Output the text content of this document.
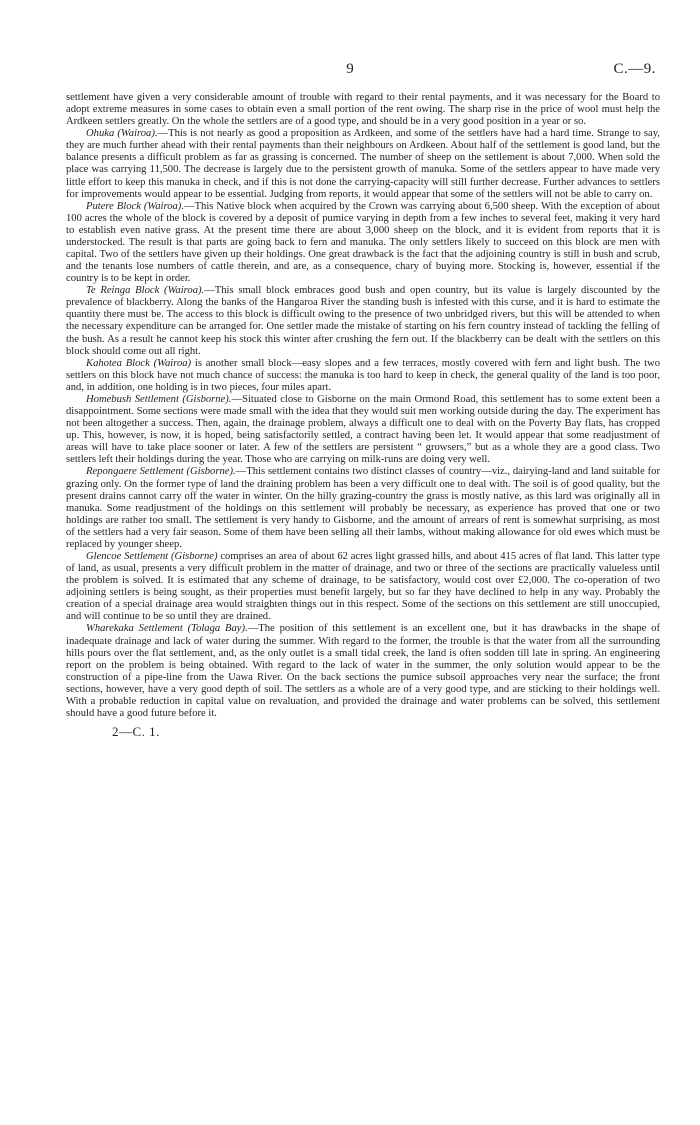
9	C.—9.

settlement have given a very considerable amount of trouble with regard to their rental payments, and it was necessary for the Board to adopt extreme measures in some cases to obtain even a small portion of the rent owing. The sharp rise in the price of wool must help the Ardkeen settlers greatly. On the whole the settlers are of a good type, and should be in a very good position in a year or so.

Ohuka (Wairoa).—This is not nearly as good a proposition as Ardkeen, and some of the settlers have had a hard time. Strange to say, they are much further ahead with their rental payments than their neighbours on Ardkeen. About half of the settlement is good land, but the balance presents a difficult problem as far as grassing is concerned. The number of sheep on the settlement is about 7,000. When sold the place was carrying 11,500. The decrease is largely due to the persistent growth of manuka. Some of the settlers appear to have made very little effort to keep this manuka in check, and if this is not done the carrying-capacity will still further decrease. Further advances to settlers for improvements would appear to be essential. Judging from reports, it would appear that some of the settlers will not be able to carry on.

Putere Block (Wairoa).—This Native block when acquired by the Crown was carrying about 6,500 sheep. With the exception of about 100 acres the whole of the block is covered by a deposit of pumice varying in depth from a few inches to several feet, making it very hard to establish even native grass. At the present time there are about 3,000 sheep on the block, and it is evident from reports that it is understocked. The result is that parts are going back to fern and manuka. The only settlers likely to succeed on this block are men with capital. Two of the settlers have given up their holdings. One great drawback is the fact that the adjoining country is still in bush and scrub, and the tenants lose numbers of cattle therein, and are, as a consequence, chary of buying more. Stocking is, however, essential if the country is to be kept in order.

Te Reinga Block (Wairoa).—This small block embraces good bush and open country, but its value is largely discounted by the prevalence of blackberry. Along the banks of the Hangaroa River the standing bush is infested with this curse, and it is hard to estimate the quantity there must be. The access to this block is difficult owing to the presence of two unbridged rivers, but this will be attended to when the necessary expenditure can be arranged for. One settler made the mistake of starting on his fern country instead of tackling the felling of the bush. As a result he cannot keep his stock this winter after crushing the fern out. If the blackberry can be dealt with the settlers on this block should come out all right.

Kahotea Block (Wairoa) is another small block—easy slopes and a few terraces, mostly covered with fern and light bush. The two settlers on this block have not much chance of success: the manuka is too hard to keep in check, the general quality of the land is too poor, and, in addition, one holding is in two pieces, four miles apart.

Homebush Settlement (Gisborne).—Situated close to Gisborne on the main Ormond Road, this settlement has to some extent been a disappointment. Some sections were made small with the idea that they would suit men working outside during the day. The experiment has not been altogether a success. Then, again, the drainage problem, always a difficult one to deal with on the Poverty Bay flats, has cropped up. This, however, is now, it is hoped, being satisfactorily settled, a contract having been let. It would appear that some readjustment of areas will have to take place sooner or later. A few of the settlers are persistent “ growsers,” but as a whole they are a good class. Two settlers left their holdings during the year. Those who are carrying on milk-runs are doing very well.

Repongaere Settlement (Gisborne).—This settlement contains two distinct classes of country—viz., dairying-land and land suitable for grazing only. On the former type of land the draining problem has been a very difficult one to deal with. The soil is of good quality, but the present drains cannot carry off the water in winter. On the hilly grazing-country the grass is mostly native, as this lard was originally all in manuka. Some readjustment of the holdings on this settlement will probably be necessary, as experience has proved that one or two holdings are rather too small. The settlement is very handy to Gisborne, and the amount of arrears of rent is somewhat surprising, as most of the settlers had a very fair season. Some of them have been selling all their lambs, without making allowance for old ewes which must be replaced by younger sheep.

Glencoe Settlement (Gisborne) comprises an area of about 62 acres light grassed hills, and about 415 acres of flat land. This latter type of land, as usual, presents a very difficult problem in the matter of drainage, and two or three of the sections are practically valueless until the problem is solved. It is estimated that any scheme of drainage, to be satisfactory, would cost over £2,000. The co-operation of two adjoining settlers is being sought, as their properties must benefit largely, but so far they have declined to help in any way. Probably the creation of a special drainage area would straighten things out in this respect. Some of the sections on this settlement are still unoccupied, and will continue to be so until they are drained.

Wharekaka Settlement (Tolaga Bay).—The position of this settlement is an excellent one, but it has drawbacks in the shape of inadequate drainage and lack of water during the summer. With regard to the former, the trouble is that the water from all the surrounding hills pours over the flat settlement, and, as the only outlet is a small tidal creek, the land is often sodden till late in spring. An engineering report on the problem is being obtained. With regard to the lack of water in the summer, the only solution would appear to be the construction of a pipe-line from the Uawa River. On the back sections the pumice subsoil approaches very near the surface; the front sections, however, have a very good depth of soil. The settlers as a whole are of a very good type, and are sticking to their holdings well. With a probable reduction in capital value on revaluation, and provided the drainage and water problems can be solved, this settlement should have a good future before it.

2—C. 1.
